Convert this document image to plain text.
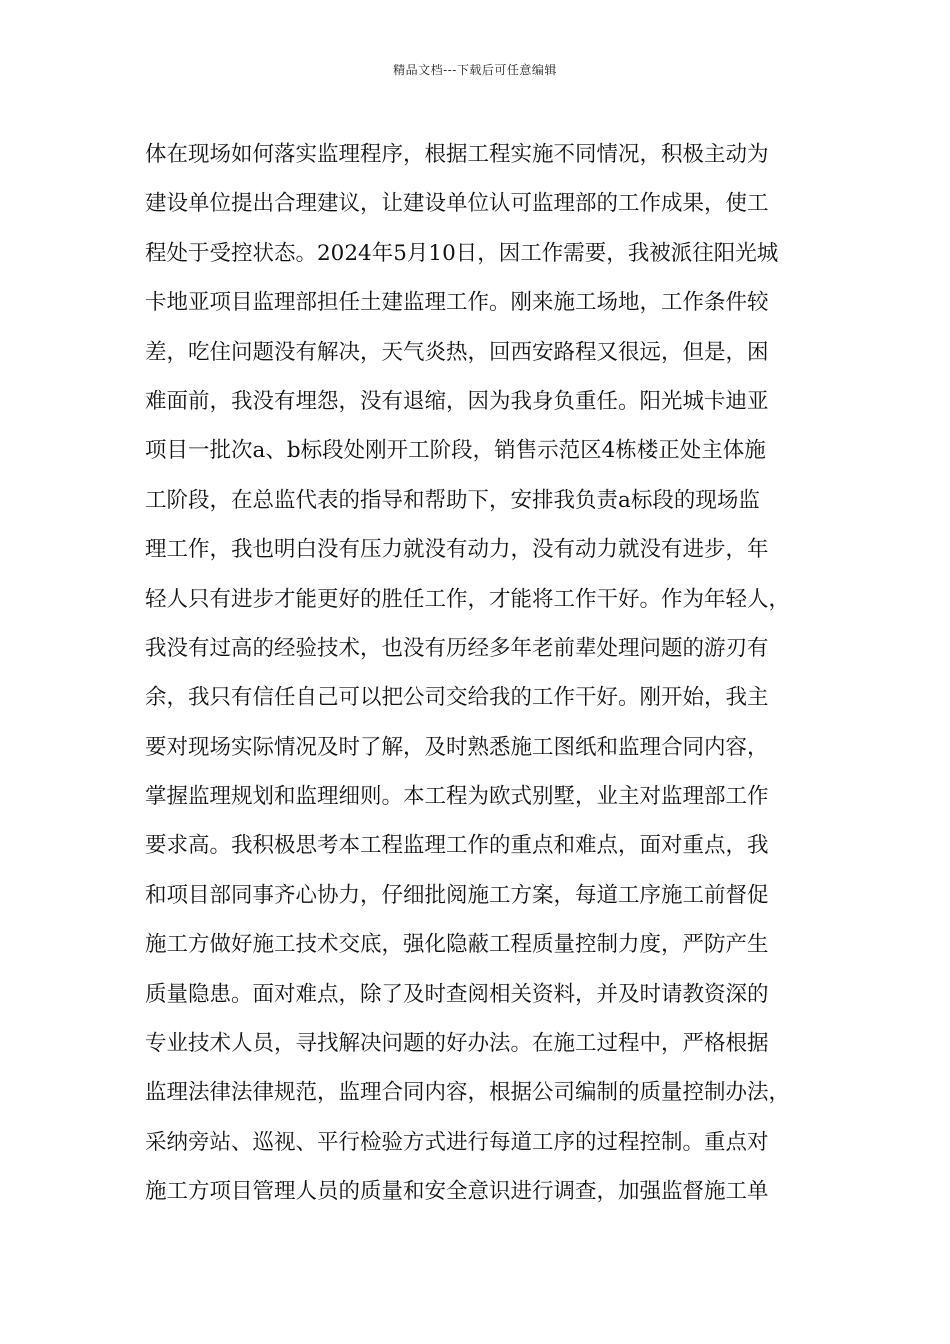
精品文档---下载后可任意编辑
体在现场如何落实监理程序，根据工程实施不同情况，积极主动为
建设单位提出合理建议，让建设单位认可监理部的工作成果，使工
程处于受控状态。2024年5月10日，因工作需要，我被派往阳光城
卡地亚项目监理部担任土建监理工作。刚来施工场地，工作条件较
差，吃住问题没有解决，天气炎热，回西安路程又很远，但是，困
难面前，我没有埋怨，没有退缩，因为我身负重任。阳光城卡迪亚
项目一批次a、b标段处刚开工阶段，销售示范区4栋楼正处主体施
工阶段，在总监代表的指导和帮助下，安排我负责a标段的现场监
理工作，我也明白没有压力就没有动力，没有动力就没有进步，年
轻人只有进步才能更好的胜任工作，才能将工作干好。作为年轻人，
我没有过高的经验技术，也没有历经多年老前辈处理问题的游刃有
余，我只有信任自己可以把公司交给我的工作干好。刚开始，我主
要对现场实际情况及时了解，及时熟悉施工图纸和监理合同内容，
掌握监理规划和监理细则。本工程为欧式别墅，业主对监理部工作
要求高。我积极思考本工程监理工作的重点和难点，面对重点，我
和项目部同事齐心协力，仔细批阅施工方案，每道工序施工前督促
施工方做好施工技术交底，强化隐蔽工程质量控制力度，严防产生
质量隐患。面对难点，除了及时查阅相关资料，并及时请教资深的
专业技术人员，寻找解决问题的好办法。在施工过程中，严格根据
监理法律法律规范，监理合同内容，根据公司编制的质量控制办法，
采纳旁站、巡视、平行检验方式进行每道工序的过程控制。重点对
施工方项目管理人员的质量和安全意识进行调查，加强监督施工单
